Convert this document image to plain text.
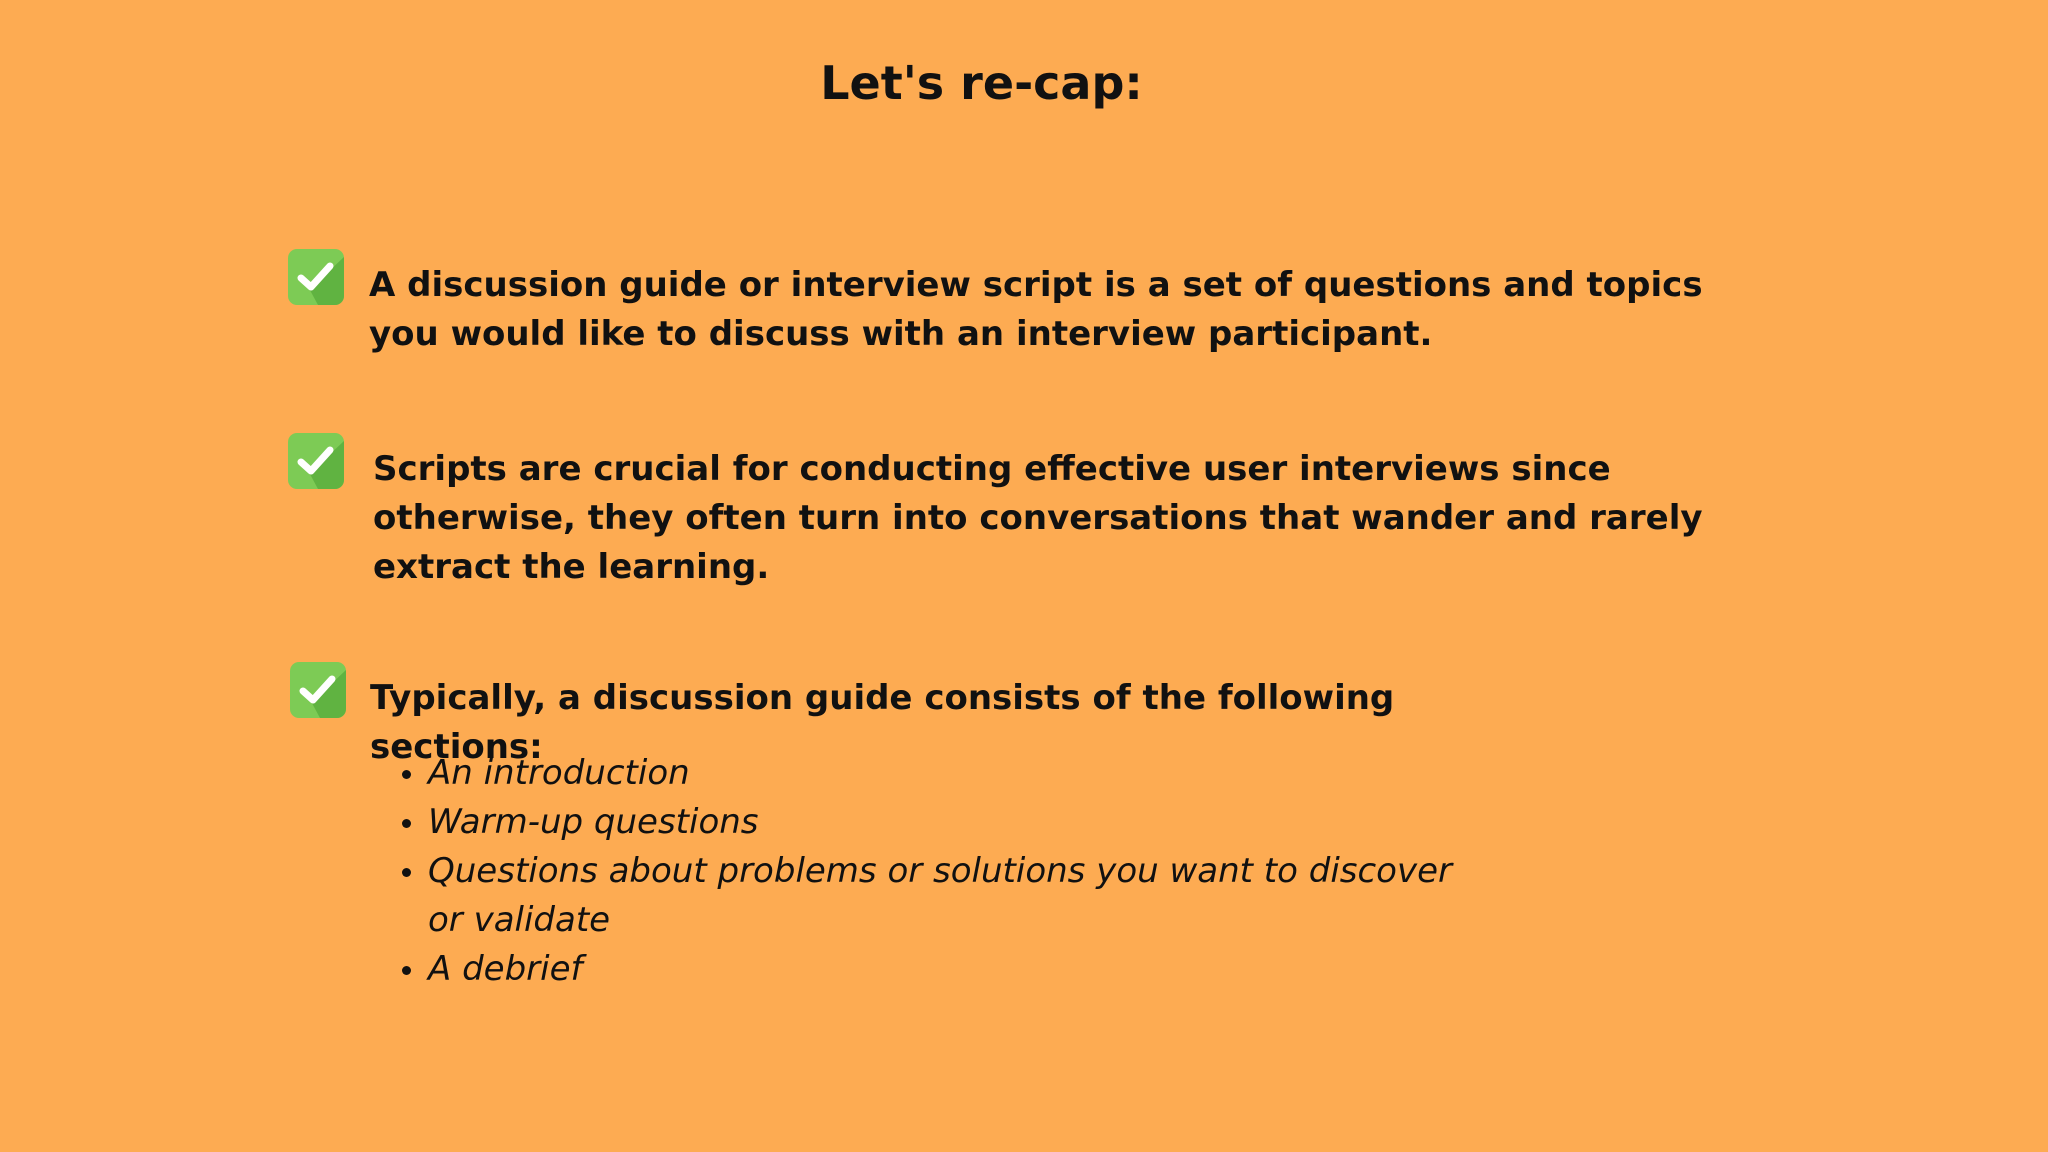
Let's re-cap:
A discussion guide or interview script is a set of questions and topics you would like to discuss with an interview participant.
Scripts are crucial for conducting effective user interviews since otherwise, they often turn into conversations that wander and rarely extract the learning.
Typically, a discussion guide consists of the following sections:
An introduction
Warm-up questions
Questions about problems or solutions you want to discover or validate
A debrief
